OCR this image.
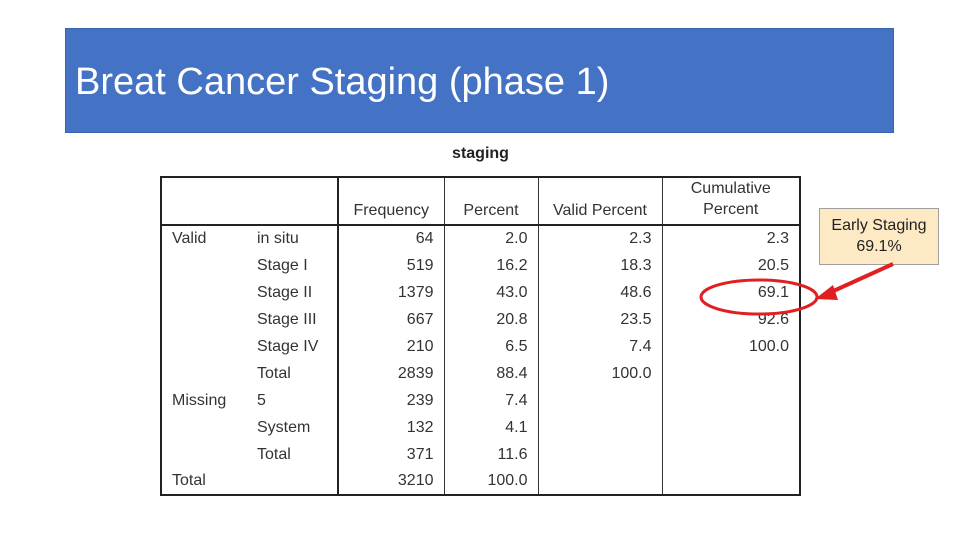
Breat Cancer Staging (phase 1)
staging
		Frequency	Percent	Valid Percent	Cumulative
Percent
Valid	in situ	64	2.0	2.3	2.3
	Stage I	519	16.2	18.3	20.5
	Stage II	1379	43.0	48.6	69.1
	Stage III	667	20.8	23.5	92.6
	Stage IV	210	6.5	7.4	100.0
	Total	2839	88.4	100.0	
Missing	5	239	7.4		
	System	132	4.1		
	Total	371	11.6		
Total		3210	100.0		
Early Staging
69.1%
